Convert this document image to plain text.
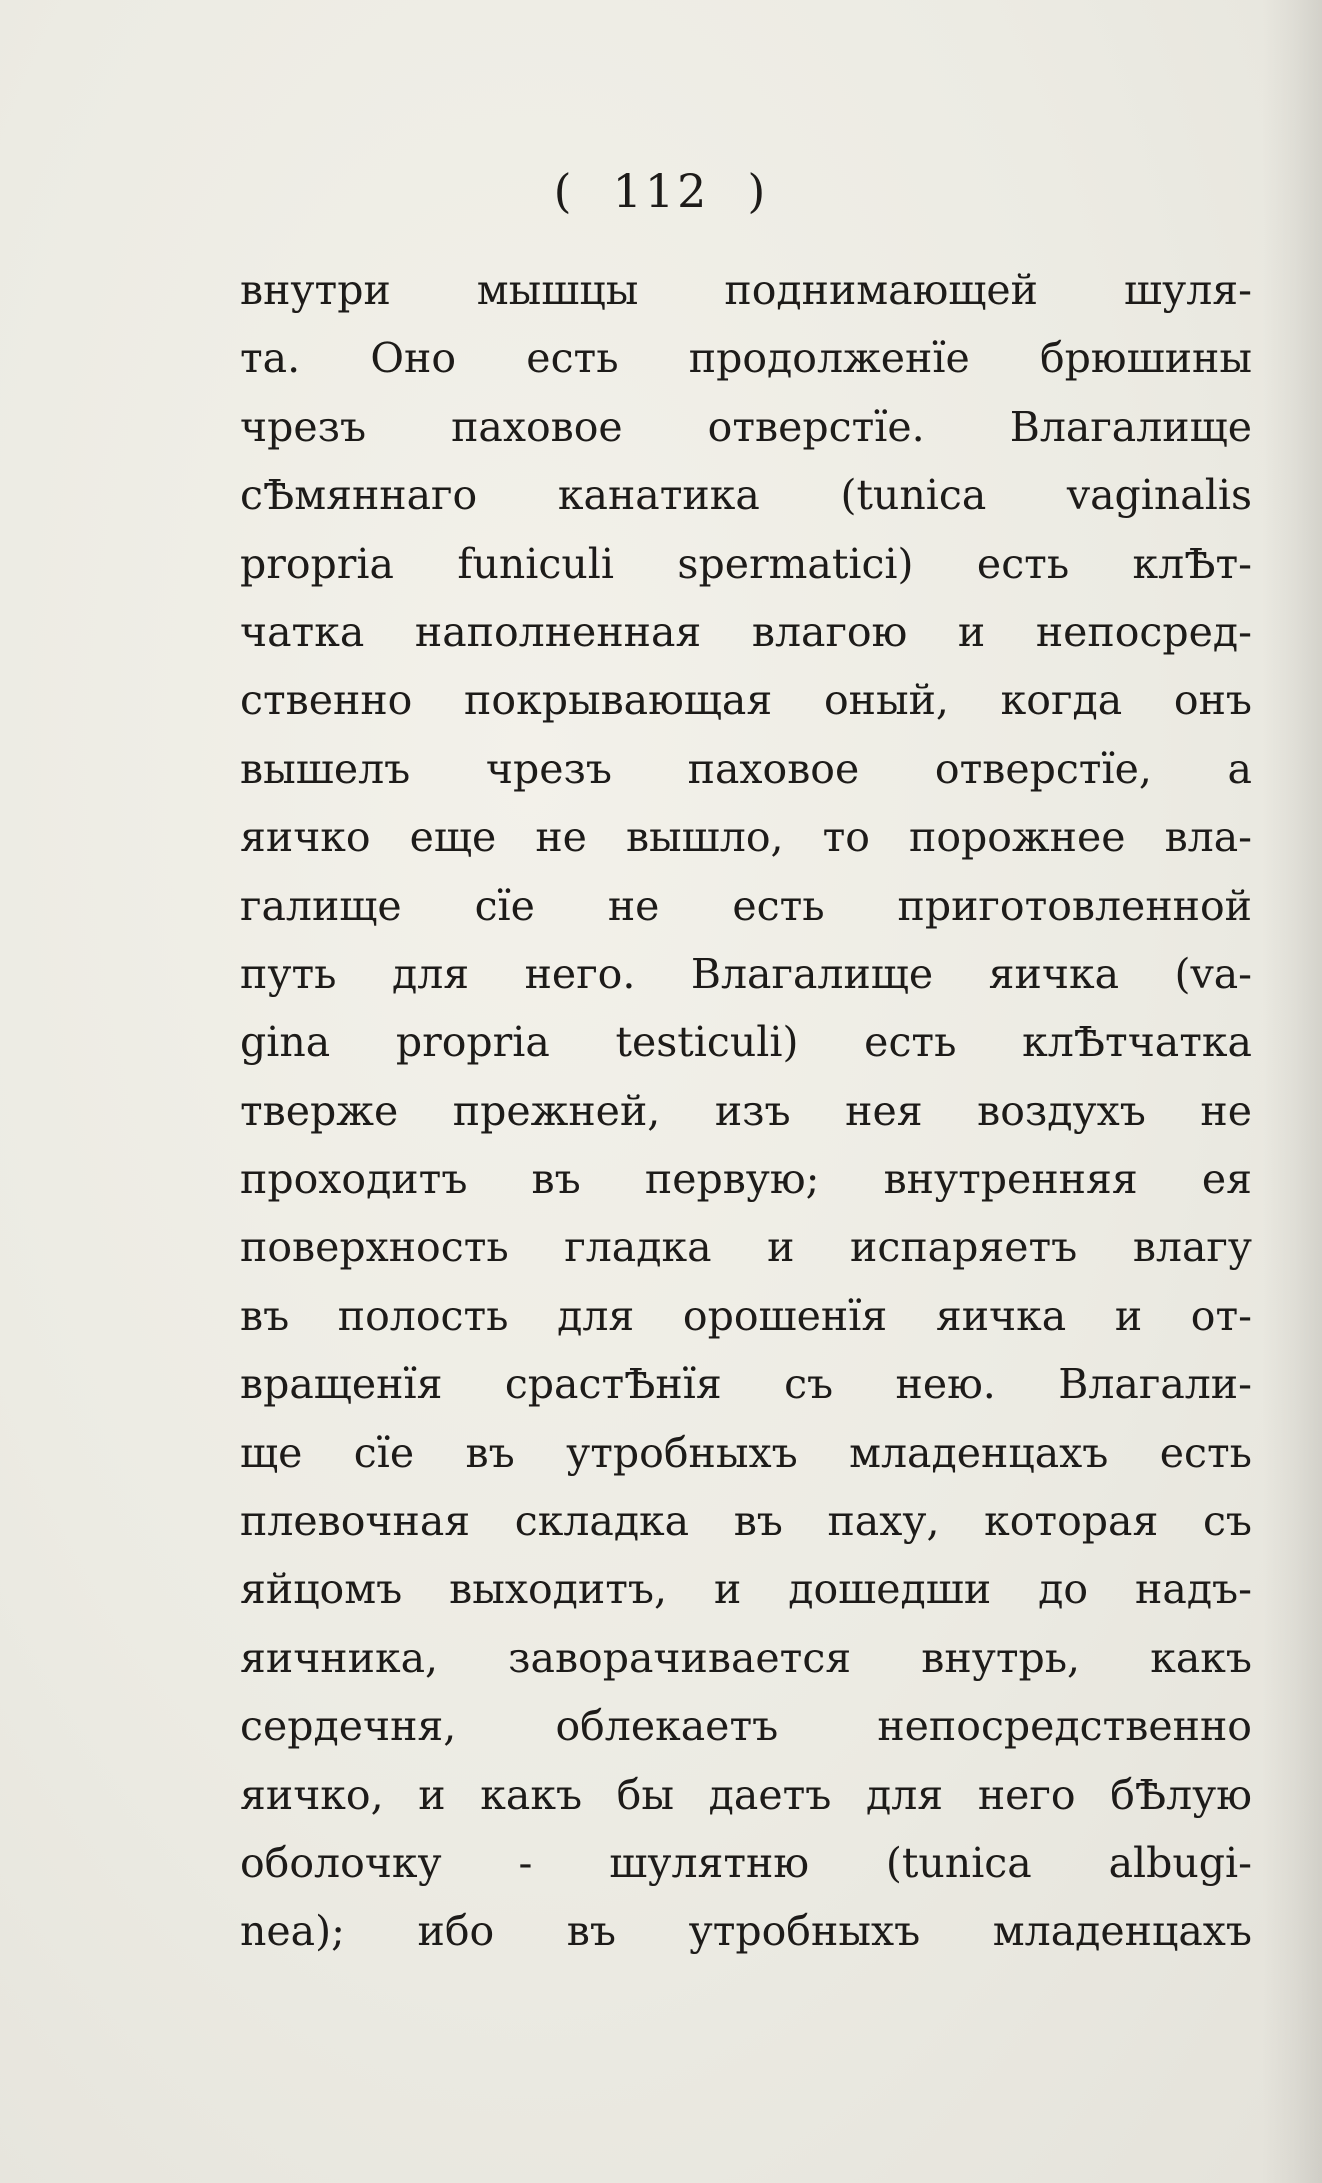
( 112 )
внутри мышцы поднимающей шуля-
та. Оно есть продолженїе брюшины
чрезъ паховое отверстїе. Влагалище
сѢмяннаго канатика (tunica vaginalis
propria funiculi spermatici) есть клѢт-
чатка наполненная влагою и непосред-
ственно покрывающая оный, когда онъ
вышелъ чрезъ паховое отверстїе, а
яичко еще не вышло, то порожнее вла-
галище сїе не есть приготовленной
путь для него. Влагалище яичка (va-
gina propria testiculi) есть клѢтчатка
тверже прежней, изъ нея воздухъ не
проходитъ въ первую; внутренняя ея
поверхность гладка и испаряетъ влагу
въ полость для орошенїя яичка и от-
вращенїя срастѢнїя съ нею. Влагали-
ще сїе въ утробныхъ младенцахъ есть
плевочная складка въ паху, которая съ
яйцомъ выходитъ, и дошедши до надъ-
яичника, заворачивается внутрь, какъ
сердечня, облекаетъ непосредственно
яичко, и какъ бы даетъ для него бѢлую
оболочку - шулятню (tunica albugi-
nea); ибо въ утробныхъ младенцахъ
